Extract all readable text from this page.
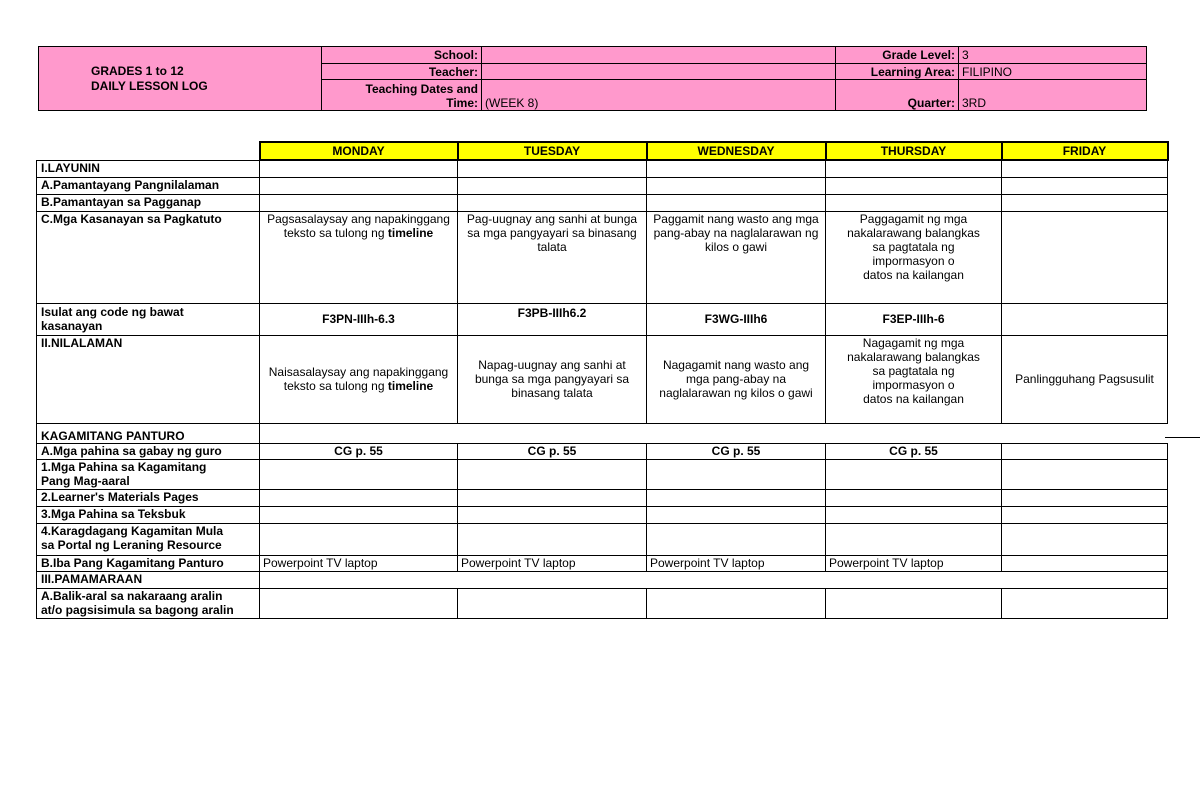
GRADES 1 to 12
DAILY LESSON LOG	School:		Grade Level:	3
	Teacher:		Learning Area:	FILIPINO

	Teaching Dates and
Time:	(WEEK 8)	Quarter:	3RD
	MONDAY	TUESDAY	WEDNESDAY	THURSDAY	FRIDAY
I.LAYUNIN					
A.Pamantayang Pangnilalaman					
B.Pamantayan sa Pagganap					
C.Mga Kasanayan sa Pagkatuto	Pagsasalaysay ang napakinggang teksto sa tulong ng timeline	Pag-uugnay ang sanhi at bunga sa mga pangyayari sa binasang talata	Paggamit nang wasto ang mga pang-abay na naglalarawan ng kilos o gawi	Paggagamit ng mga
nakalarawang balangkas
sa pagtatala ng
impormasyon o
datos na kailangan	

Isulat ang code ng bawat
kasanayan	F3PN-IIIh-6.3	F3PB-IIIh6.2	F3WG-IIIh6	F3EP-IIIh-6	
II.NILALAMAN	Naisasalaysay ang napakinggang teksto sa tulong ng timeline	Napag-uugnay ang sanhi at bunga sa mga pangyayari sa binasang talata	Nagagamit nang wasto ang mga pang-abay na naglalarawan ng kilos o gawi	Nagagamit ng mga
nakalarawang balangkas
sa pagtatala ng
impormasyon o
datos na kailangan	Panlingguhang Pagsusulit
KAGAMITANG PANTURO					
A.Mga pahina sa gabay ng guro	CG p. 55	CG p. 55	CG p. 55	CG p. 55	

1.Mga Pahina sa Kagamitang
Pang Mag-aaral					

2.Learner's Materials Pages					
3.Mga Pahina sa Teksbuk					

4.Karagdagang Kagamitan Mula
sa Portal ng Leraning Resource					

B.Iba Pang Kagamitang Panturo	Powerpoint TV laptop	Powerpoint TV laptop	Powerpoint TV laptop	Powerpoint TV laptop	
III.PAMAMARAAN					

A.Balik-aral sa nakaraang aralin
at/o pagsisimula sa bagong aralin					
